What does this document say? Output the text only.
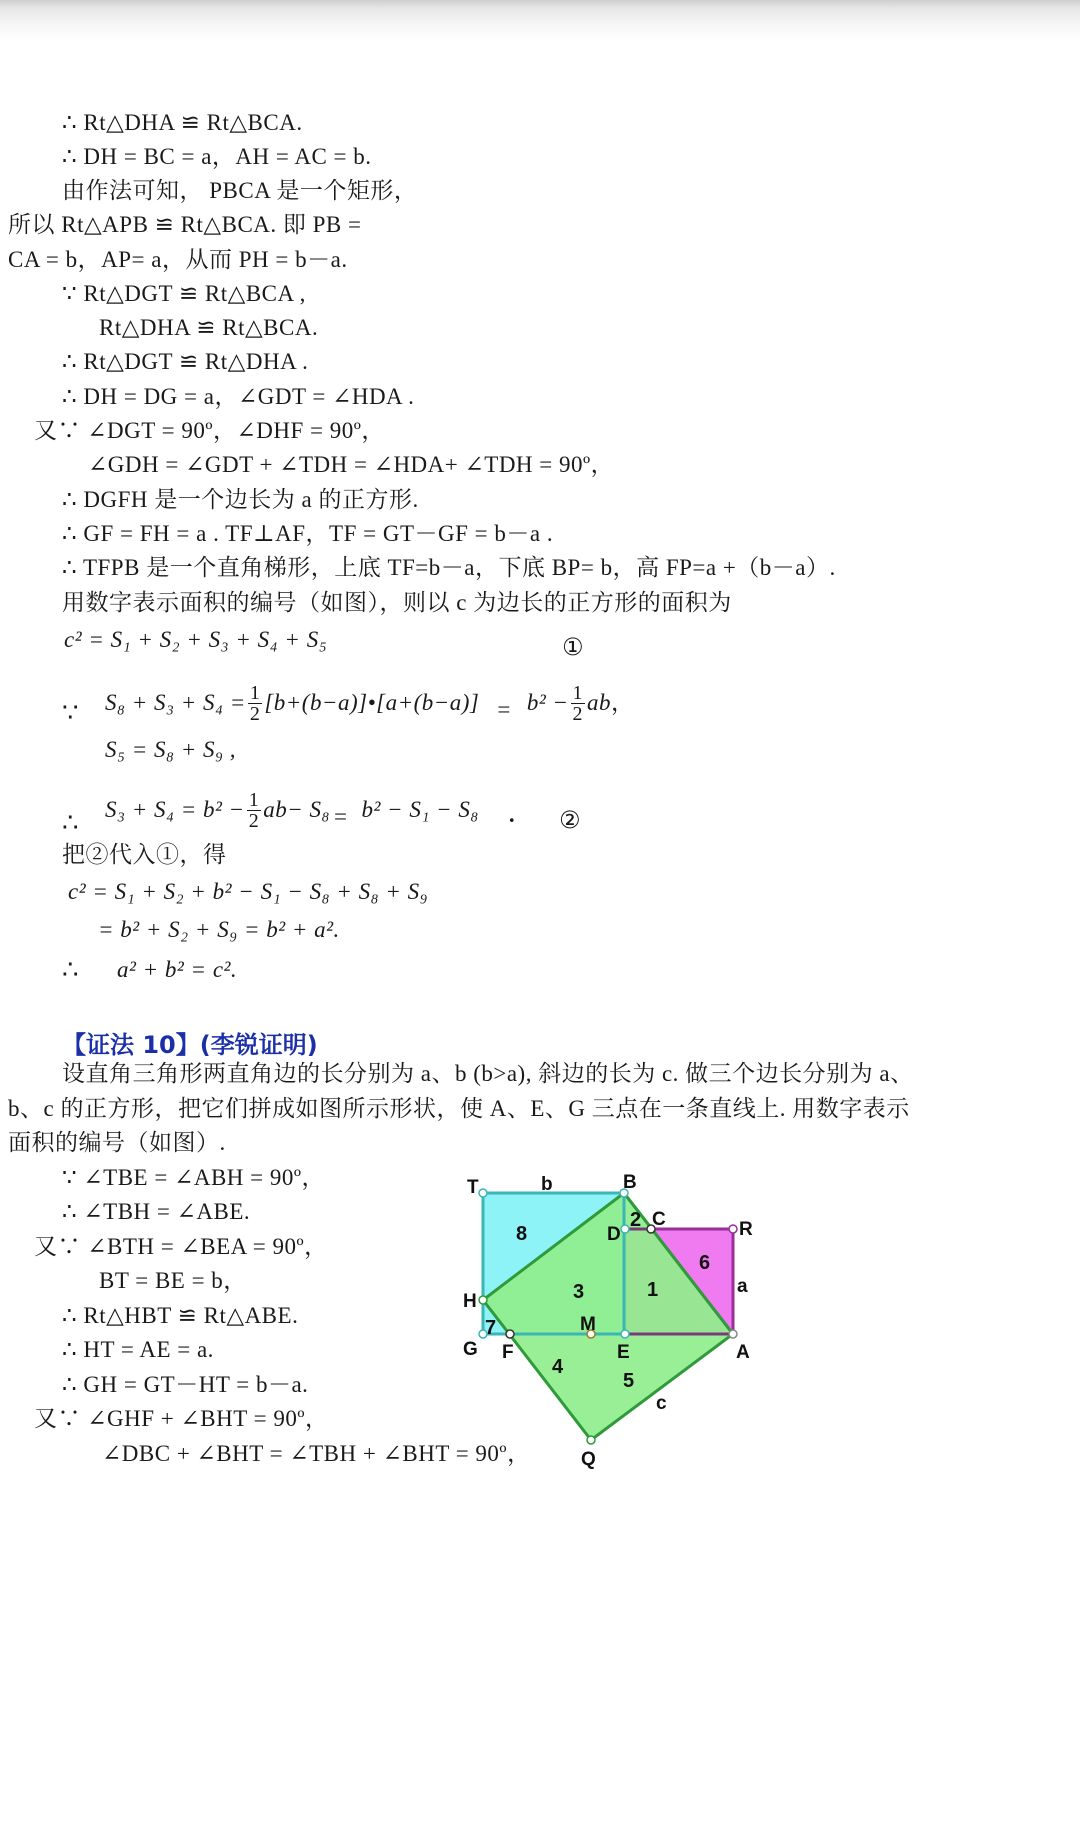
∴ Rt△DHA ≌ Rt△BCA.
∴ DH = BC = a，AH = AC = b.
由作法可知， PBCA 是一个矩形，
所以 Rt△APB ≌ Rt△BCA. 即 PB =
CA = b，AP= a，从而 PH = b－a.
∵ Rt△DGT ≌ Rt△BCA ,
Rt△DHA ≌ Rt△BCA.
∴ Rt△DGT ≌ Rt△DHA .
∴ DH = DG = a，∠GDT = ∠HDA .
又∵ ∠DGT = 90º，∠DHF = 90º，
∠GDH = ∠GDT + ∠TDH = ∠HDA+ ∠TDH = 90º，
∴ DGFH 是一个边长为 a 的正方形.
∴ GF = FH = a . TF⊥AF，TF = GT－GF = b－a .
∴ TFPB 是一个直角梯形，上底 TF=b－a，下底 BP= b，高 FP=a +（b－a）.
用数字表示面积的编号（如图），则以 c 为边长的正方形的面积为
c² = S₁ + S₂ + S₃ + S₄ + S₅	①
∵ $S_8 + S_3 + S_4 = \frac{1}{2}$ [b+(b−a)]•[a+(b−a)] = $b^2 - \frac{1}{2}$ ab ，
S₅ = S₈ + S₉ ,
∴ $S_3 + S_4 = b^2 - \frac{1}{2} ab- S_8 = b^2 - S_1 - S_8$ . ②
把②代入①，得
c² = S₁ + S₂ + b² − S₁ − S₈ + S₈ + S₉
= b² + S₂ + S₉ = b² + a².
∴ a² + b² = c².
【证法 10】(李锐证明)
设直角三角形两直角边的长分别为 a、b (b>a), 斜边的长为 c. 做三个边长分别为 a、
b、c 的正方形，把它们拼成如图所示形状，使 A、E、G 三点在一条直线上. 用数字表示
面积的编号（如图）.
∵ ∠TBE = ∠ABH = 90º，
∴ ∠TBH = ∠ABE.
又∵ ∠BTH = ∠BEA = 90º，
BT = BE = b，
∴ Rt△HBT ≌ Rt△ABE.
∴ HT = AE = a.
∴ GH = GT－HT = b－a.
又∵ ∠GHF + ∠BHT = 90º，
∠DBC + ∠BHT = ∠TBH + ∠BHT = 90º，
T	B
C
D	R
H
G F
M
E	A
Q
b
a
c
8
2
6
3	1
7
4
5
